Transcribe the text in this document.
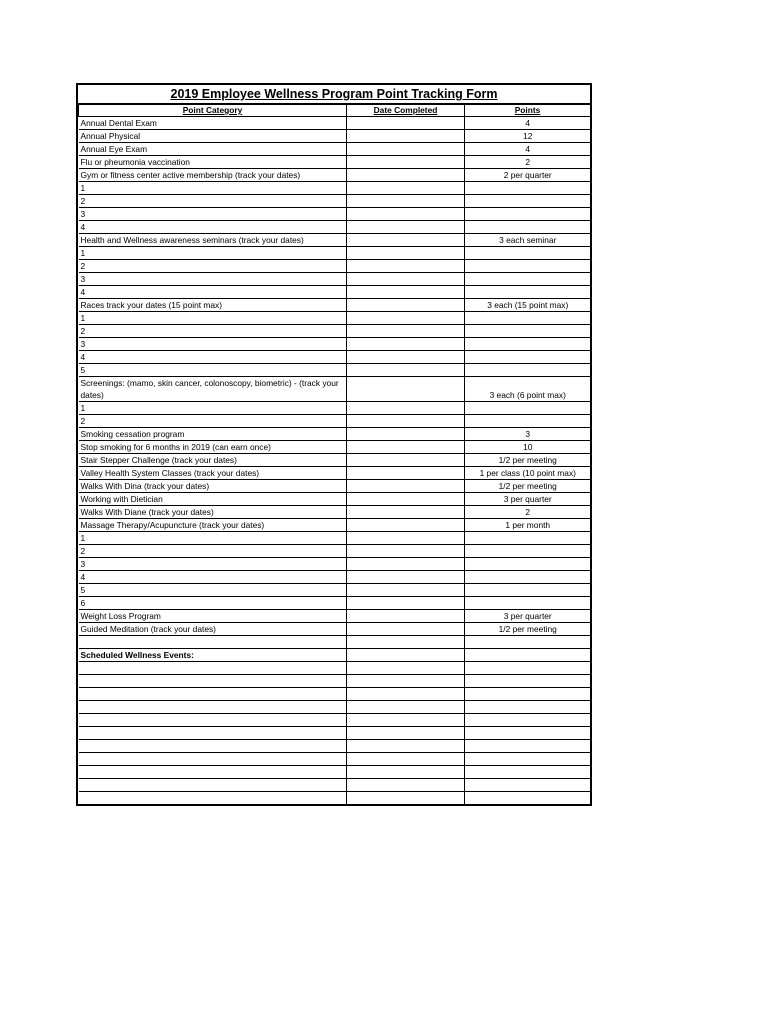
2019 Employee Wellness Program Point Tracking Form
Point Category	Date Completed	Points
Annual Dental Exam		4
Annual Physical		12
Annual Eye Exam		4
Flu or pheumonia vaccination		2
Gym or fitness center active membership (track your dates)		2 per quarter
1		
2		
3		
4		
Health and Wellness awareness seminars (track your dates)		3 each seminar
1		
2		
3		
4		
Races track your dates (15 point max)		3 each (15 point max)
1		
2		
3		
4		
5		
Screenings: (mamo, skin cancer, colonoscopy, biometric) - (track your dates)		3 each (6 point max)
1		
2		
Smoking cessation program		3
Stop smoking for 6 months in 2019 (can earn once)		10
Stair Stepper Challenge (track your dates)		1/2 per meeting
Valley Health System Classes (track your dates)		1 per class (10 point max)
Walks With Dina (track your dates)		1/2 per meeting
Working with Dietician		3 per quarter
Walks With Diane (track your dates)		2
Massage Therapy/Acupuncture (track your dates)		1 per month
1		
2		
3		
4		
5		
6		
Weight Loss Program		3 per quarter
Guided Meditation (track your dates)		1/2 per meeting

Scheduled Wellness Events:		
